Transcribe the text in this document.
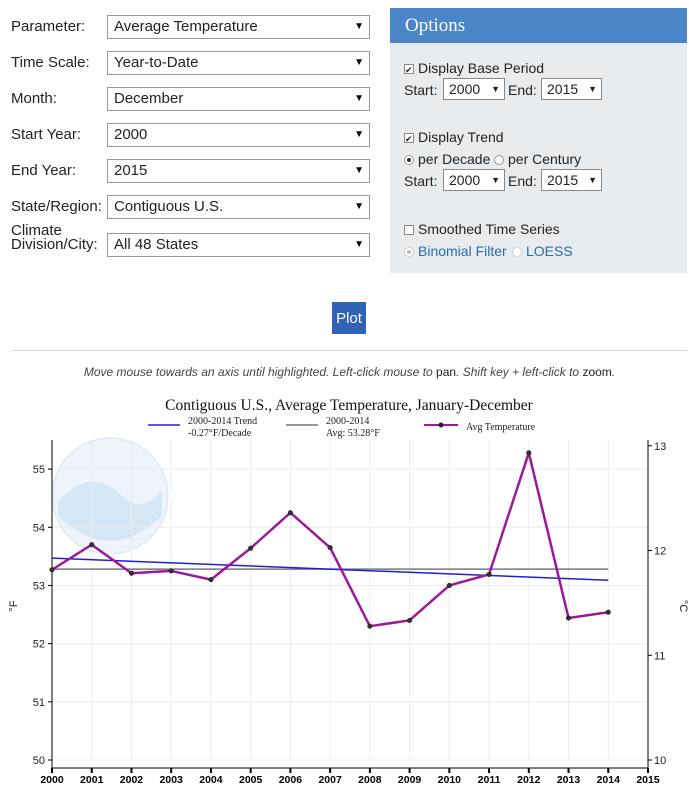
Parameter:	Average Temperature	▼
Time Scale:	Year-to-Date	▼
Month:	December	▼
Start Year:	2000	▼
End Year:	2015	▼
State/Region: Contiguous U.S.	▼
Climate
Division/City:	All 48 States	▼
Options
✔Display Base Period
Start: 2000 ▼ End: 2015 ▼
✔Display Trend
per Decade	per Century
Start: 2000 ▼ End: 2015 ▼
Smoothed Time Series
Binomial Filter	LOESS
Plot
Move mouse towards an axis until highlighted. Left-click mouse to pan. Shift key + left-click to zoom.
50
51
52
53
54
55
10
11
12
13
2000 2001 2002 2003 2004 2005 2006 2007 2008 2009 2010 2011 2012 2013 2014 2015
°F	°C
Contiguous U.S., Average Temperature, January-December
2000-2014 Trend
-0.27°F/Decade
2000-2014
Avg: 53.28°F
Avg Temperature
